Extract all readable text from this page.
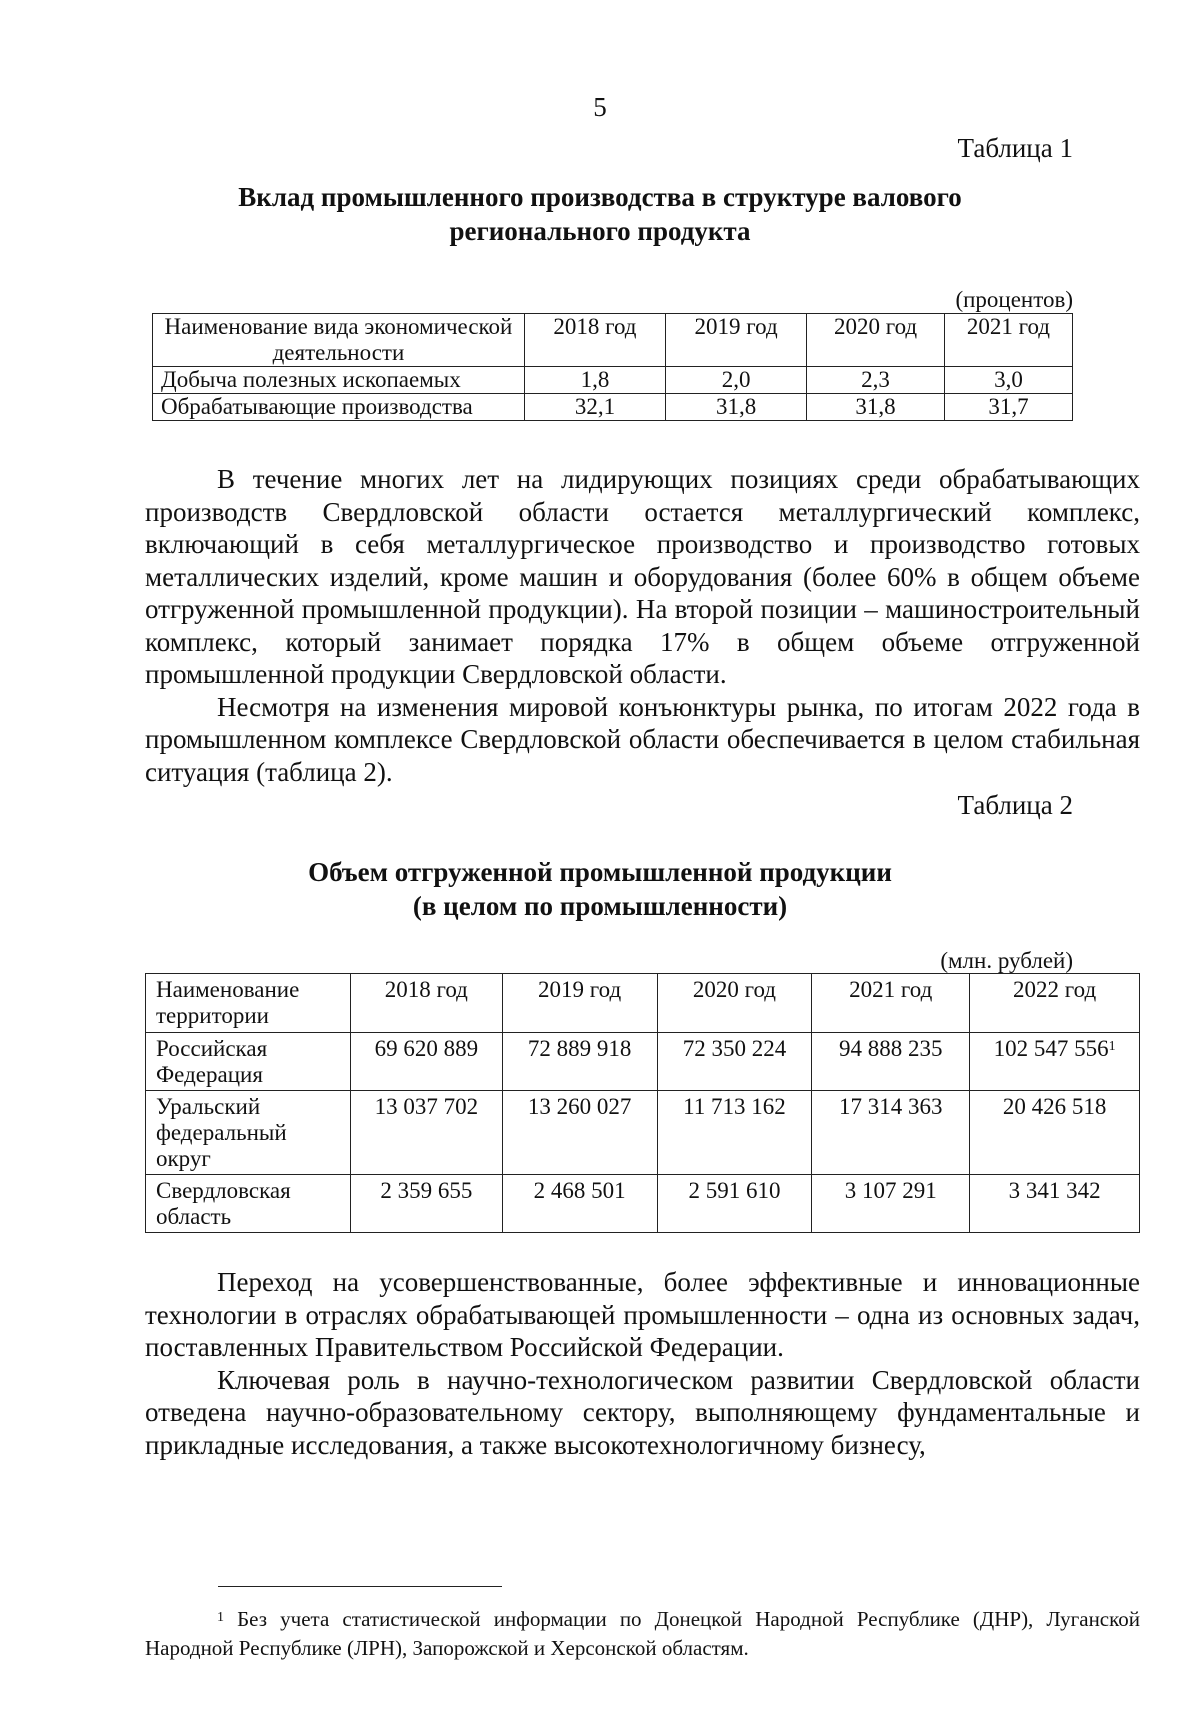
5
Таблица 1
Вклад промышленного производства в структуре валового
регионального продукта
(процентов)
Наименование вида экономической деятельности	2018 год	2019 год	2020 год	2021 год
Добыча полезных ископаемых	1,8	2,0	2,3	3,0
Обрабатывающие производства	32,1	31,8	31,8	31,7

В течение многих лет на лидирующих позициях среди обрабатывающих производств Свердловской области остается металлургический комплекс, включающий в себя металлургическое производство и производство готовых металлических изделий, кроме машин и оборудования (более 60% в общем объеме отгруженной промышленной продукции). На второй позиции – машиностроительный комплекс, который занимает порядка 17% в общем объеме отгруженной промышленной продукции Свердловской области.

Несмотря на изменения мировой конъюнктуры рынка, по итогам 2022 года в промышленном комплексе Свердловской области обеспечивается в целом стабильная ситуация (таблица 2).

Таблица 2
Объем отгруженной промышленной продукции
(в целом по промышленности)
(млн. рублей)
Наименование территории	2018 год	2019 год	2020 год	2021 год	2022 год
Российская Федерация	69 620 889	72 889 918	72 350 224	94 888 235	102 547 $556^1$
Уральский федеральный округ	13 037 702	13 260 027	11 713 162	17 314 363	20 426 518
Свердловская область	2 359 655	2 468 501	2 591 610	3 107 291	3 341 342

Переход на усовершенствованные, более эффективные и инновационные технологии в отраслях обрабатывающей промышленности – одна из основных задач, поставленных Правительством Российской Федерации.

Ключевая роль в научно-технологическом развитии Свердловской области отведена научно-образовательному сектору, выполняющему фундаментальные и прикладные исследования, а также высокотехнологичному бизнесу,

$^1$ Без учета статистической информации по Донецкой Народной Республике (ДНР), Луганской Народной Республике (ЛРН), Запорожской и Херсонской областям.
